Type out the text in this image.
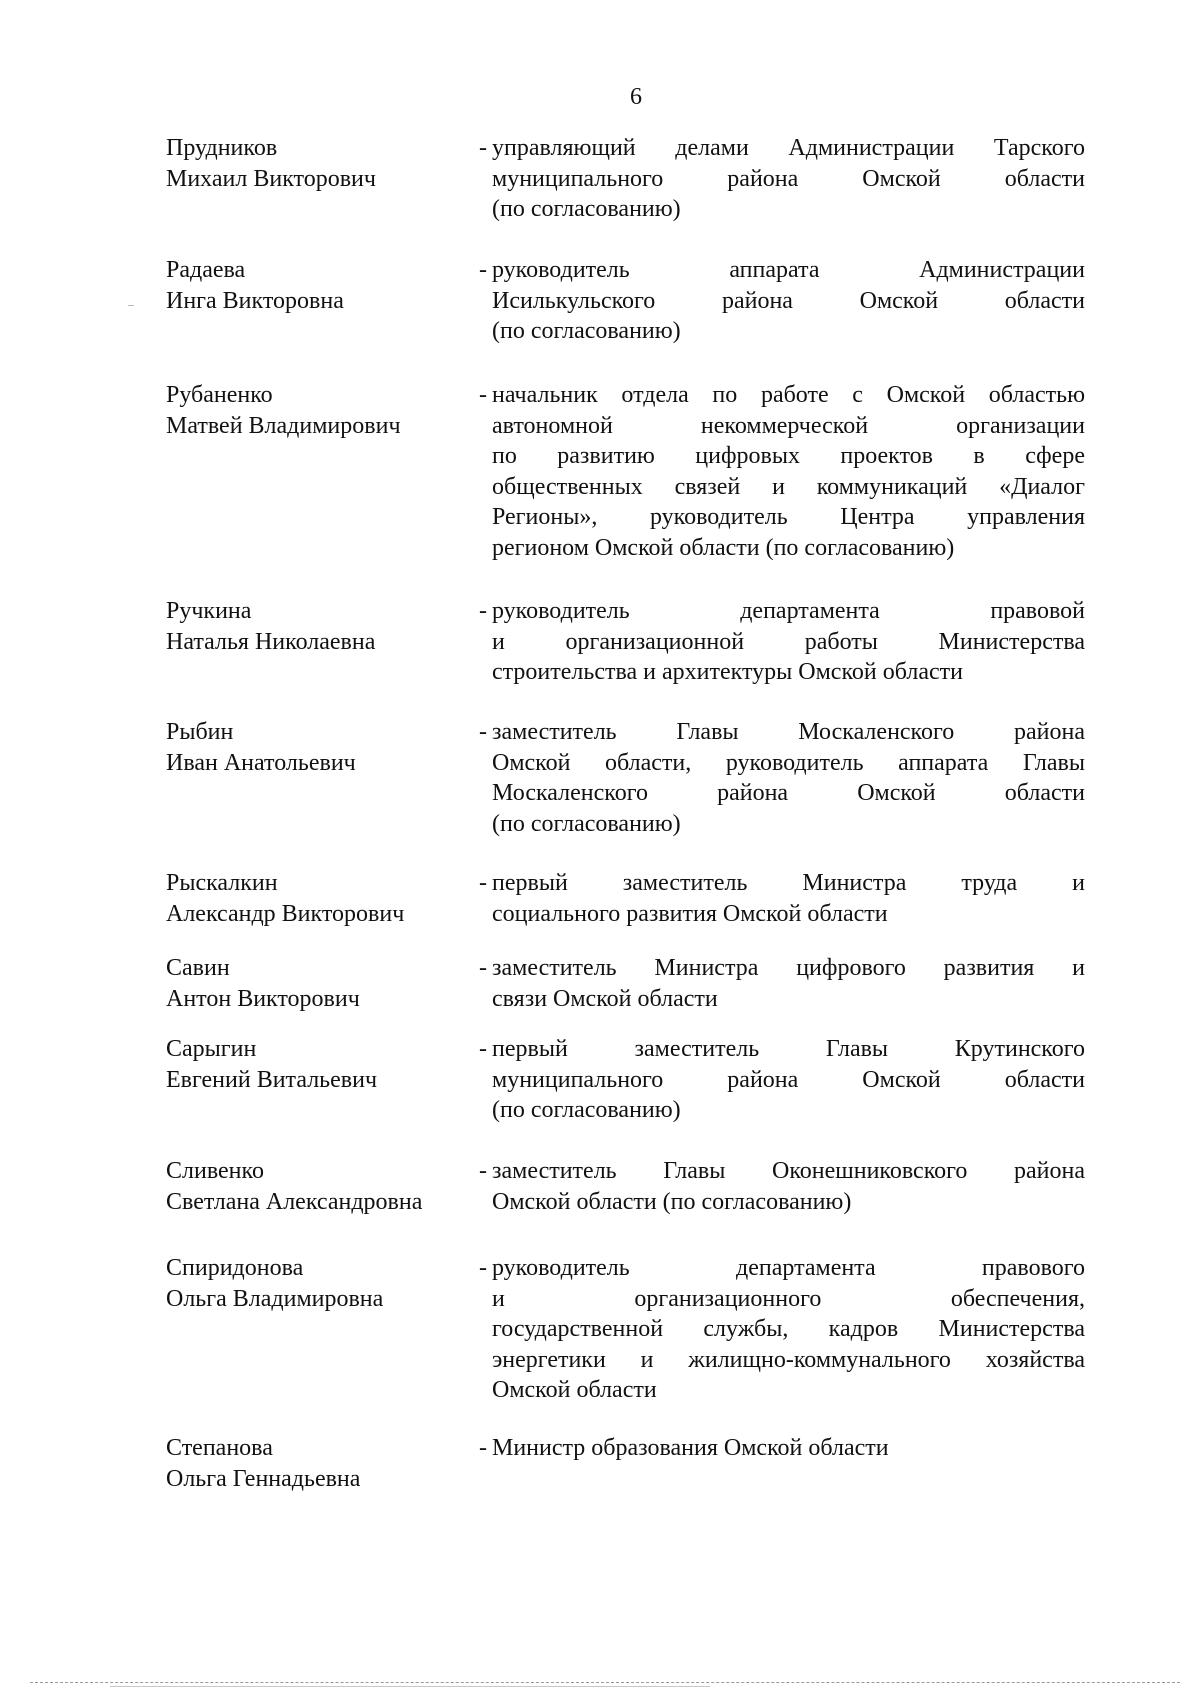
6
Прудников
Михаил Викторович
- управляющий делами Администрации Тарского
муниципального района Омской области
(по согласованию)
Радаева
Инга Викторовна
- руководитель аппарата Администрации
Исилькульского района Омской области
(по согласованию)
Рубаненко
Матвей Владимирович
- начальник отдела по работе с Омской областью
автономной некоммерческой организации
по развитию цифровых проектов в сфере
общественных связей и коммуникаций «Диалог
Регионы», руководитель Центра управления
регионом Омской области (по согласованию)
Ручкина
Наталья Николаевна
- руководитель департамента правовой
и организационной работы Министерства
строительства и архитектуры Омской области
Рыбин
Иван Анатольевич
- заместитель Главы Москаленского района
Омской области, руководитель аппарата Главы
Москаленского района Омской области
(по согласованию)
Рыскалкин
Александр Викторович
- первый заместитель Министра труда и
социального развития Омской области
Савин
Антон Викторович
- заместитель Министра цифрового развития и
связи Омской области
Сарыгин
Евгений Витальевич
- первый заместитель Главы Крутинского
муниципального района Омской области
(по согласованию)
Сливенко
Светлана Александровна
- заместитель Главы Оконешниковского района
Омской области (по согласованию)
Спиридонова
Ольга Владимировна
- руководитель департамента правового
и организационного обеспечения,
государственной службы, кадров Министерства
энергетики и жилищно-коммунального хозяйства
Омской области
Степанова
Ольга Геннадьевна
- Министр образования Омской области
